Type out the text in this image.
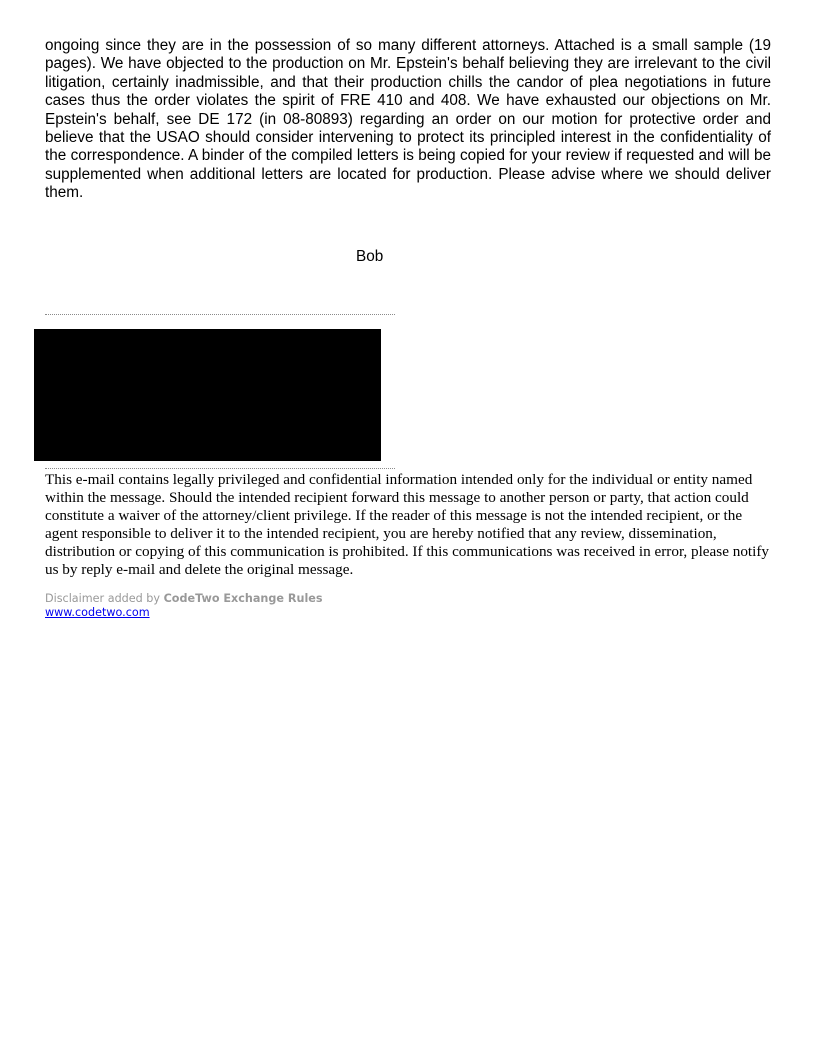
ongoing since they are in the possession of so many different attorneys. Attached is a small sample (19 pages). We have objected to the production on Mr. Epstein's behalf believing they are irrelevant to the civil litigation, certainly inadmissible, and that their production chills the candor of plea negotiations in future cases thus the order violates the spirit of FRE 410 and 408. We have exhausted our objections on Mr. Epstein's behalf, see DE 172 (in 08-80893) regarding an order on our motion for protective order and believe that the USAO should consider intervening to protect its principled interest in the confidentiality of the correspondence. A binder of the compiled letters is being copied for your review if requested and will be supplemented when additional letters are located for production. Please advise where we should deliver them.

Bob

This e-mail contains legally privileged and confidential information intended only for the individual or entity named within the message. Should the intended recipient forward this message to another person or party, that action could constitute a waiver of the attorney/client privilege. If the reader of this message is not the intended recipient, or the agent responsible to deliver it to the intended recipient, you are hereby notified that any review, dissemination, distribution or copying of this communication is prohibited. If this communications was received in error, please notify us by reply e-mail and delete the original message.

Disclaimer added by CodeTwo Exchange Rules
www.codetwo.com
